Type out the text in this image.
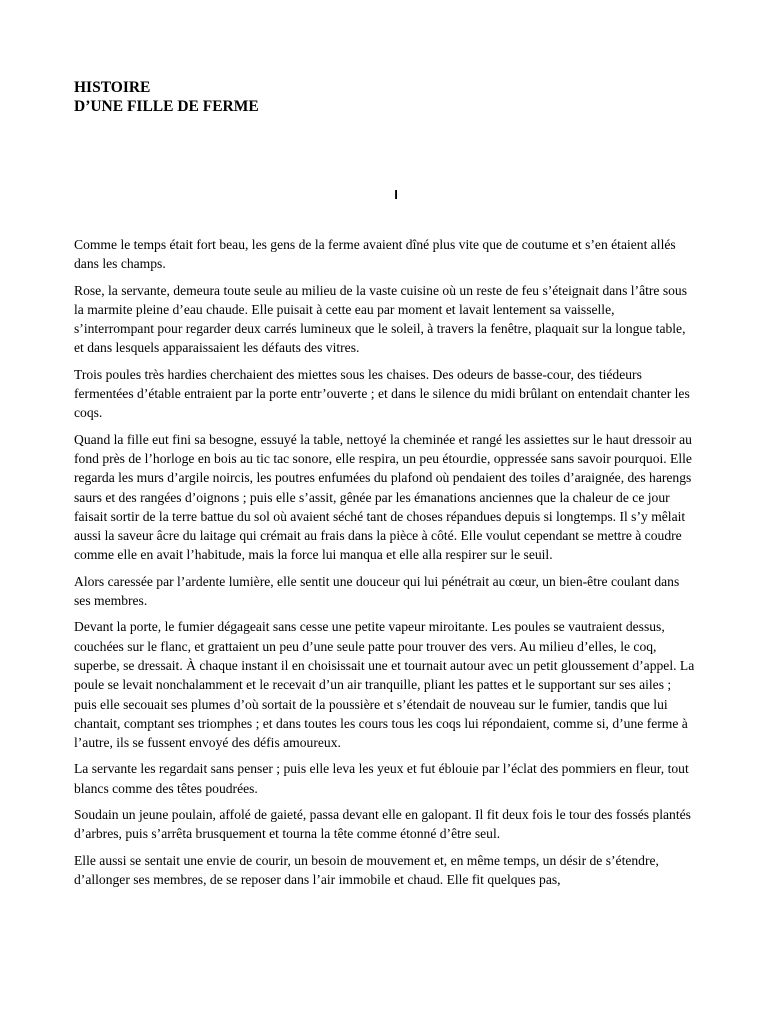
HISTOIRE
D’UNE FILLE DE FERME
I

Comme le temps était fort beau, les gens de la ferme avaient dîné plus vite que de coutume et s’en étaient allés dans les champs.

Rose, la servante, demeura toute seule au milieu de la vaste cuisine où un reste de feu s’éteignait dans l’âtre sous la marmite pleine d’eau chaude. Elle puisait à cette eau par moment et lavait lentement sa vaisselle, s’interrompant pour regarder deux carrés lumineux que le soleil, à travers la fenêtre, plaquait sur la longue table, et dans lesquels apparaissaient les défauts des vitres.

Trois poules très hardies cherchaient des miettes sous les chaises. Des odeurs de basse-cour, des tiédeurs fermentées d’étable entraient par la porte entr’ouverte ; et dans le silence du midi brûlant on entendait chanter les coqs.

Quand la fille eut fini sa besogne, essuyé la table, nettoyé la cheminée et rangé les assiettes sur le haut dressoir au fond près de l’horloge en bois au tic tac sonore, elle respira, un peu étourdie, oppressée sans savoir pourquoi. Elle regarda les murs d’argile noircis, les poutres enfumées du plafond où pendaient des toiles d’araignée, des harengs saurs et des rangées d’oignons ; puis elle s’assit, gênée par les émanations anciennes que la chaleur de ce jour faisait sortir de la terre battue du sol où avaient séché tant de choses répandues depuis si longtemps. Il s’y mêlait aussi la saveur âcre du laitage qui crémait au frais dans la pièce à côté. Elle voulut cependant se mettre à coudre comme elle en avait l’habitude, mais la force lui manqua et elle alla respirer sur le seuil.

Alors caressée par l’ardente lumière, elle sentit une douceur qui lui pénétrait au cœur, un bien-être coulant dans ses membres.

Devant la porte, le fumier dégageait sans cesse une petite vapeur miroitante. Les poules se vautraient dessus, couchées sur le flanc, et grattaient un peu d’une seule patte pour trouver des vers. Au milieu d’elles, le coq, superbe, se dressait. À chaque instant il en choisissait une et tournait autour avec un petit gloussement d’appel. La poule se levait nonchalamment et le recevait d’un air tranquille, pliant les pattes et le supportant sur ses ailes ; puis elle secouait ses plumes d’où sortait de la poussière et s’étendait de nouveau sur le fumier, tandis que lui chantait, comptant ses triomphes ; et dans toutes les cours tous les coqs lui répondaient, comme si, d’une ferme à l’autre, ils se fussent envoyé des défis amoureux.

La servante les regardait sans penser ; puis elle leva les yeux et fut éblouie par l’éclat des pommiers en fleur, tout blancs comme des têtes poudrées.

Soudain un jeune poulain, affolé de gaieté, passa devant elle en galopant. Il fit deux fois le tour des fossés plantés d’arbres, puis s’arrêta brusquement et tourna la tête comme étonné d’être seul.

Elle aussi se sentait une envie de courir, un besoin de mouvement et, en même temps, un désir de s’étendre, d’allonger ses membres, de se reposer dans l’air immobile et chaud. Elle fit quelques pas,
